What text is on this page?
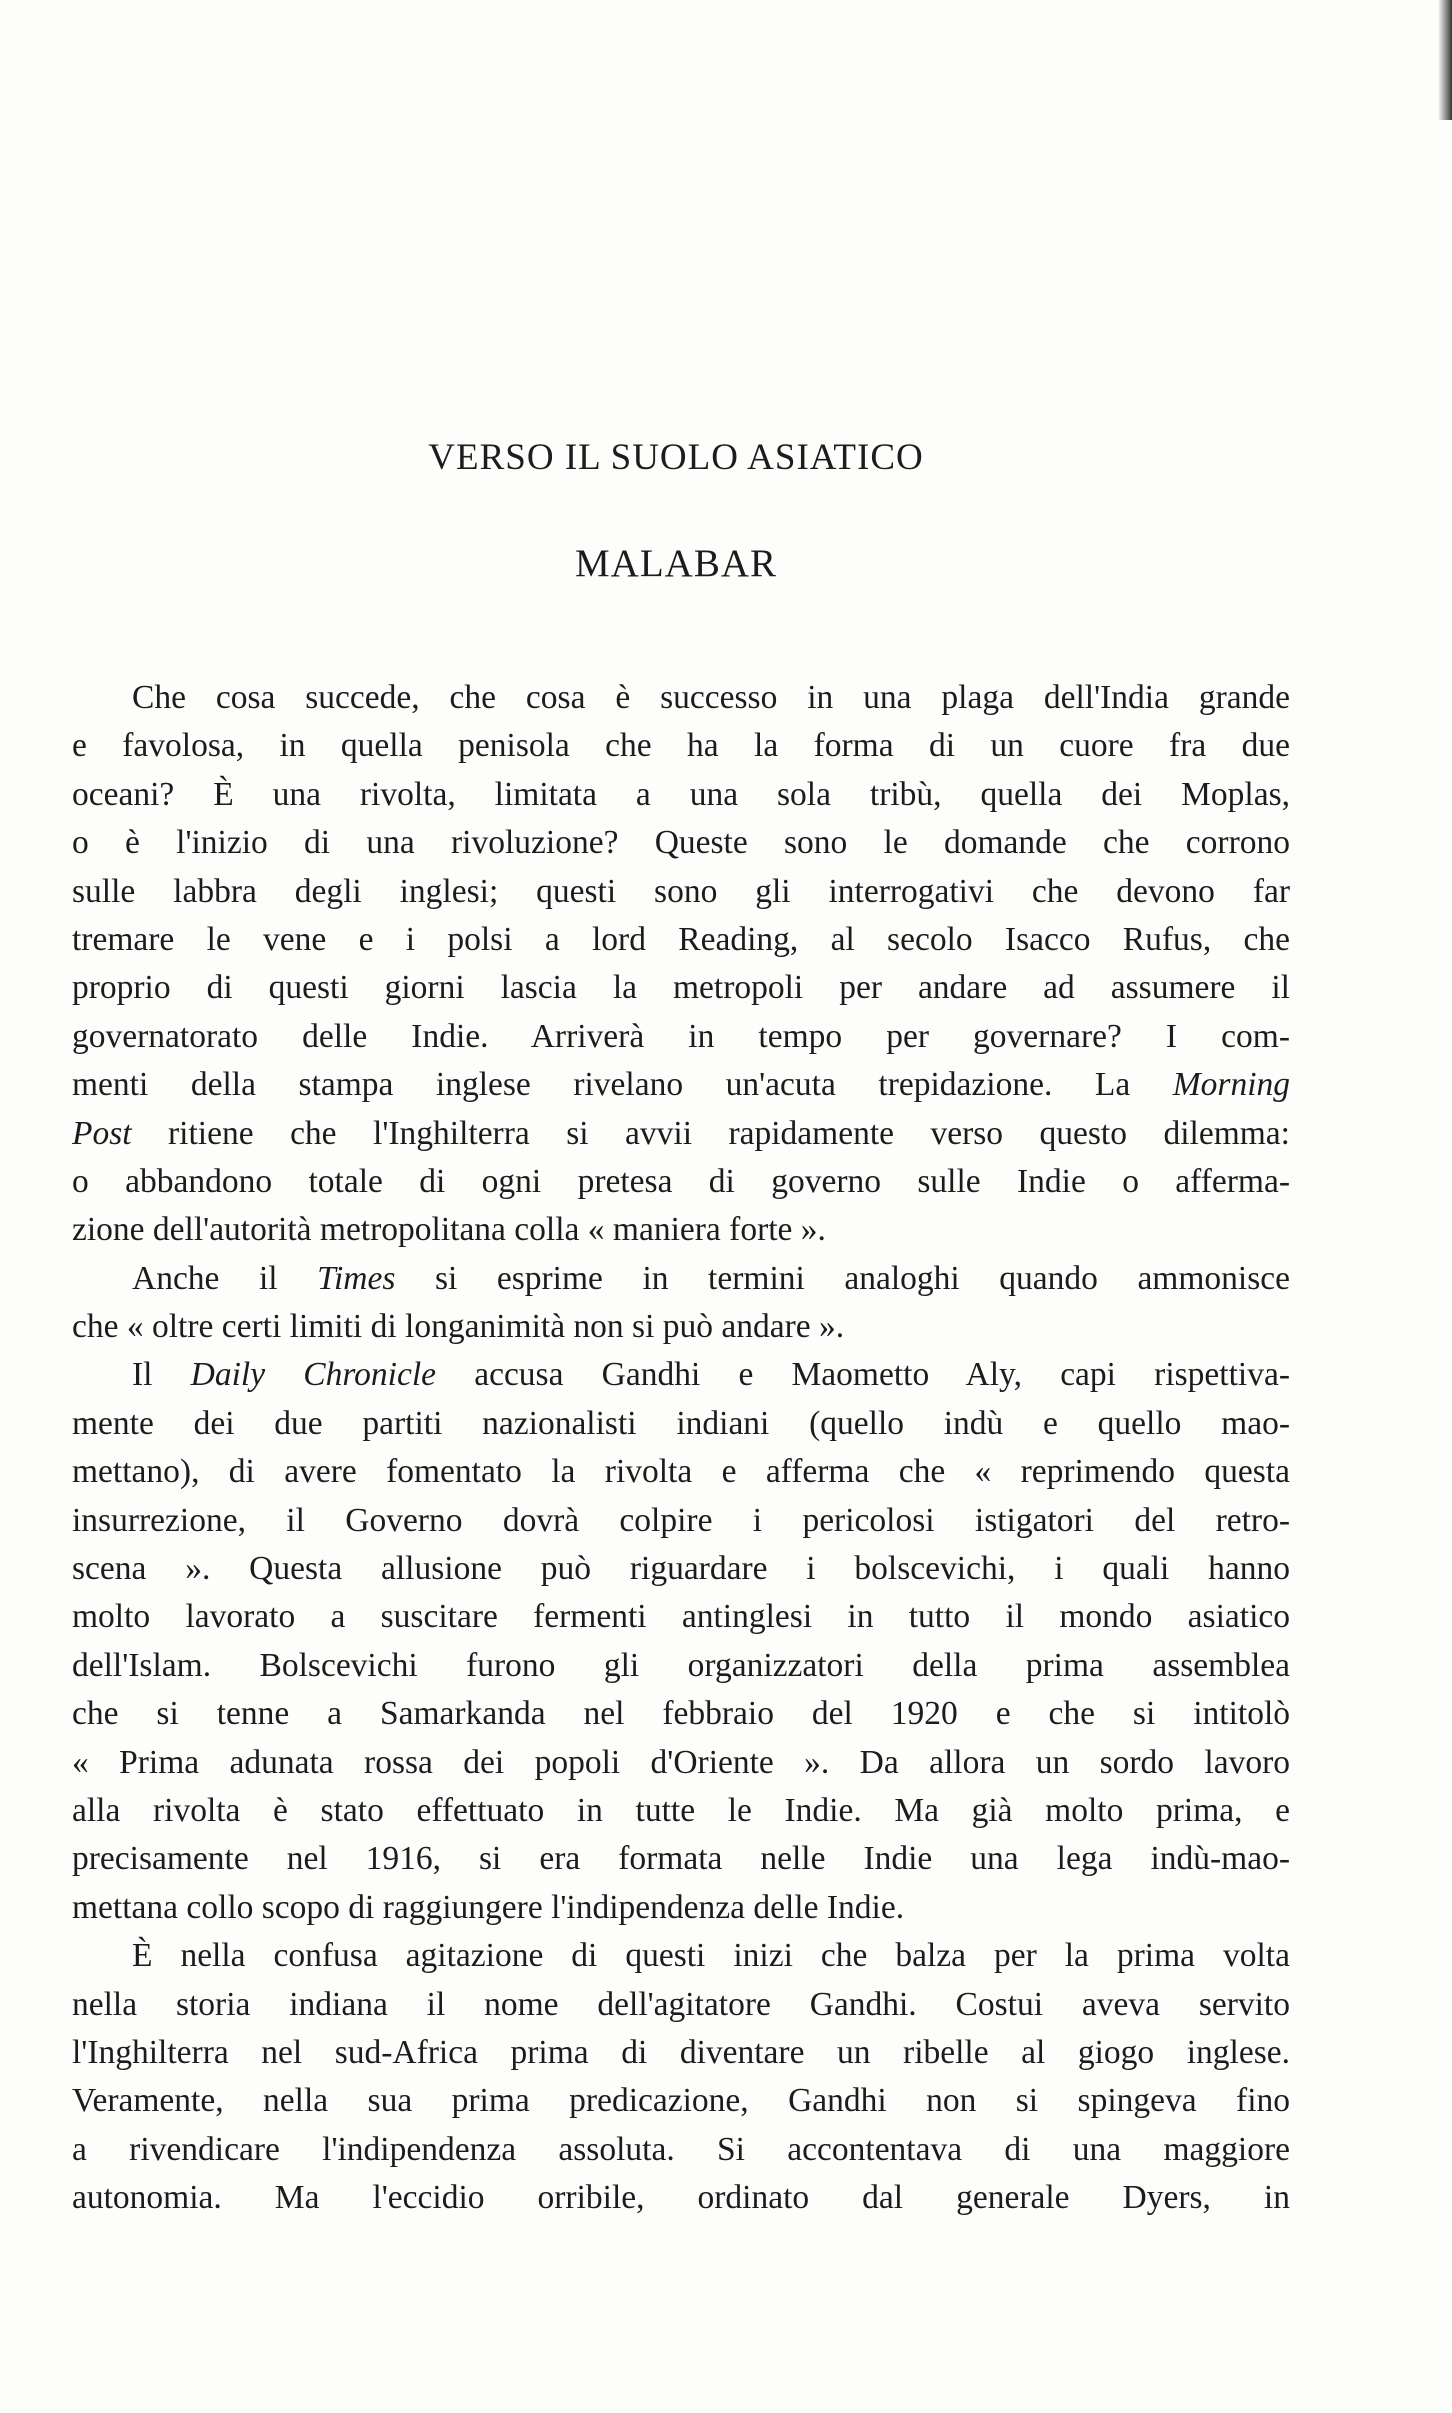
VERSO IL SUOLO ASIATICO
MALABAR
Che cosa succede, che cosa è successo in una plaga dell'India grande
e favolosa, in quella penisola che ha la forma di un cuore fra due
oceani? È una rivolta, limitata a una sola tribù, quella dei Moplas,
o è l'inizio di una rivoluzione? Queste sono le domande che corrono
sulle labbra degli inglesi; questi sono gli interrogativi che devono far
tremare le vene e i polsi a lord Reading, al secolo Isacco Rufus, che
proprio di questi giorni lascia la metropoli per andare ad assumere il
governatorato delle Indie. Arriverà in tempo per governare? I com-
menti della stampa inglese rivelano un'acuta trepidazione. La Morning
Post ritiene che l'Inghilterra si avvii rapidamente verso questo dilemma:
o abbandono totale di ogni pretesa di governo sulle Indie o afferma-
zione dell'autorità metropolitana colla « maniera forte ».
Anche il Times si esprime in termini analoghi quando ammonisce
che « oltre certi limiti di longanimità non si può andare ».
Il Daily Chronicle accusa Gandhi e Maometto Aly, capi rispettiva-
mente dei due partiti nazionalisti indiani (quello indù e quello mao-
mettano), di avere fomentato la rivolta e afferma che « reprimendo questa
insurrezione, il Governo dovrà colpire i pericolosi istigatori del retro-
scena ». Questa allusione può riguardare i bolscevichi, i quali hanno
molto lavorato a suscitare fermenti antinglesi in tutto il mondo asiatico
dell'Islam. Bolscevichi furono gli organizzatori della prima assemblea
che si tenne a Samarkanda nel febbraio del 1920 e che si intitolò
« Prima adunata rossa dei popoli d'Oriente ». Da allora un sordo lavoro
alla rivolta è stato effettuato in tutte le Indie. Ma già molto prima, e
precisamente nel 1916, si era formata nelle Indie una lega indù-mao-
mettana collo scopo di raggiungere l'indipendenza delle Indie.
È nella confusa agitazione di questi inizi che balza per la prima volta
nella storia indiana il nome dell'agitatore Gandhi. Costui aveva servito
l'Inghilterra nel sud-Africa prima di diventare un ribelle al giogo inglese.
Veramente, nella sua prima predicazione, Gandhi non si spingeva fino
a rivendicare l'indipendenza assoluta. Si accontentava di una maggiore
autonomia. Ma l'eccidio orribile, ordinato dal generale Dyers, in
